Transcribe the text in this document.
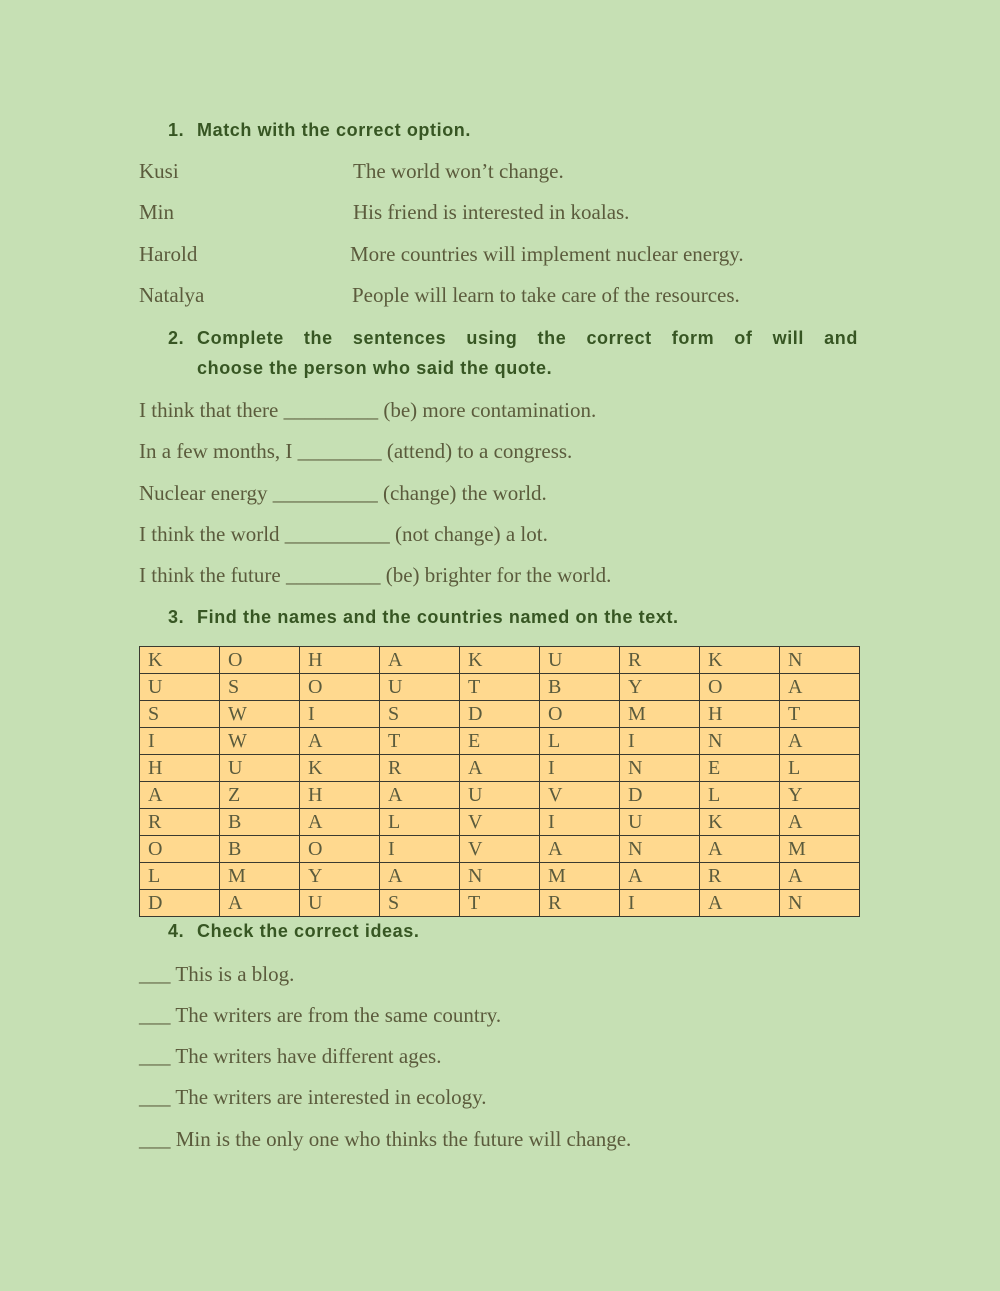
1. Match with the correct option.
Kusi	The world won’t change.
Min	His friend is interested in koalas.
Harold	More countries will implement nuclear energy.
Natalya	People will learn to take care of the resources.
2. Complete the sentences using the correct form of will and
choose the person who said the quote.

I think that there _________ (be) more contamination.

In a few months, I ________ (attend) to a congress.

Nuclear energy __________ (change) the world.

I think the world __________ (not change) a lot.

I think the future _________ (be) brighter for the world.

3. Find the names and the countries named on the text.
K	O	H	A	K	U	R	K	N
U	S	O	U	T	B	Y	O	A
S	W	I	S	D	O	M	H	T
I	W	A	T	E	L	I	N	A
H	U	K	R	A	I	N	E	L
A	Z	H	A	U	V	D	L	Y
R	B	A	L	V	I	U	K	A
O	B	O	I	V	A	N	A	M
L	M	Y	A	N	M	A	R	A
D	A	U	S	T	R	I	A	N
4. Check the correct ideas.
___ This is a blog.
___ The writers are from the same country.
___ The writers have different ages.
___ The writers are interested in ecology.
___ Min is the only one who thinks the future will change.
